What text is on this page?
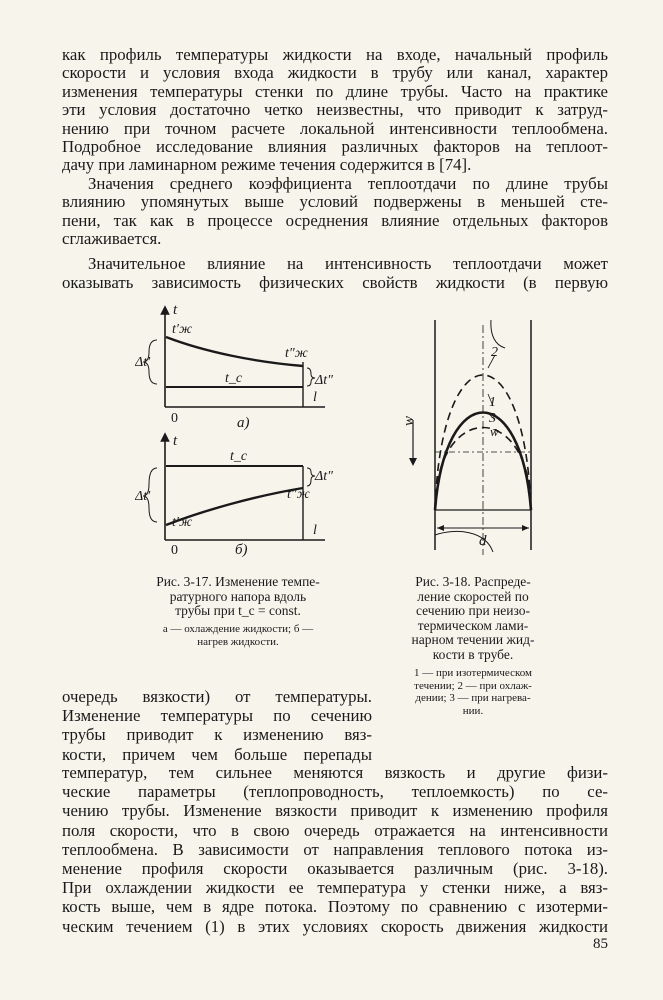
как профиль температуры жидкости на входе, начальный профиль
скорости и условия входа жидкости в трубу или канал, характер
изменения температуры стенки по длине трубы. Часто на практике
эти условия достаточно четко неизвестны, что приводит к затруд-
нению при точном расчете локальной интенсивности теплообмена.
Подробное исследование влияния различных факторов на теплоот-
дачу при ламинарном режиме течения содержится в [74].
Значения среднего коэффициента теплоотдачи по длине трубы
влиянию упомянутых выше условий подвержены в меньшей сте-
пени, так как в процессе осреднения влияние отдельных факторов
сглаживается.
Значительное влияние на интенсивность теплоотдачи может
оказывать зависимость физических свойств жидкости (в первую
очередь вязкости) от температуры.
Изменение температуры по сечению
трубы приводит к изменению вяз-
кости, причем чем больше перепады
температур, тем сильнее меняются вязкость и другие физи-
ческие параметры (теплопроводность, теплоемкость) по се-
чению трубы. Изменение вязкости приводит к изменению профиля
поля скорости, что в свою очередь отражается на интенсивности
теплообмена. В зависимости от направления теплового потока из-
менение профиля скорости оказывается различным (рис. 3-18).
При охлаждении жидкости ее температура у стенки ниже, а вяз-
кость выше, чем в ядре потока. Поэтому по сравнению с изотерми-
ческим течением (1) в этих условиях скорость движения жидкости
t
t′ж
t″ж
Δt′
Δt″
t_c
l
0	а)
t
t_c
Δt′
Δt″
t″ж
t′ж
l
0	б)
Рис. 3-17. Изменение темпе-
ратурного напора вдоль
трубы при t_c = const.
а — охлаждение жидкости; б —
нагрев жидкости.
2
1
3
w̄
w
d
Рис. 3-18. Распреде-
ление скоростей по
сечению при неизо-
термическом лами-
нарном течении жид-
кости в трубе.
1 — при изотермическом
течении; 2 — при охлаж-
дении; 3 — при нагрева-
нии.
85
